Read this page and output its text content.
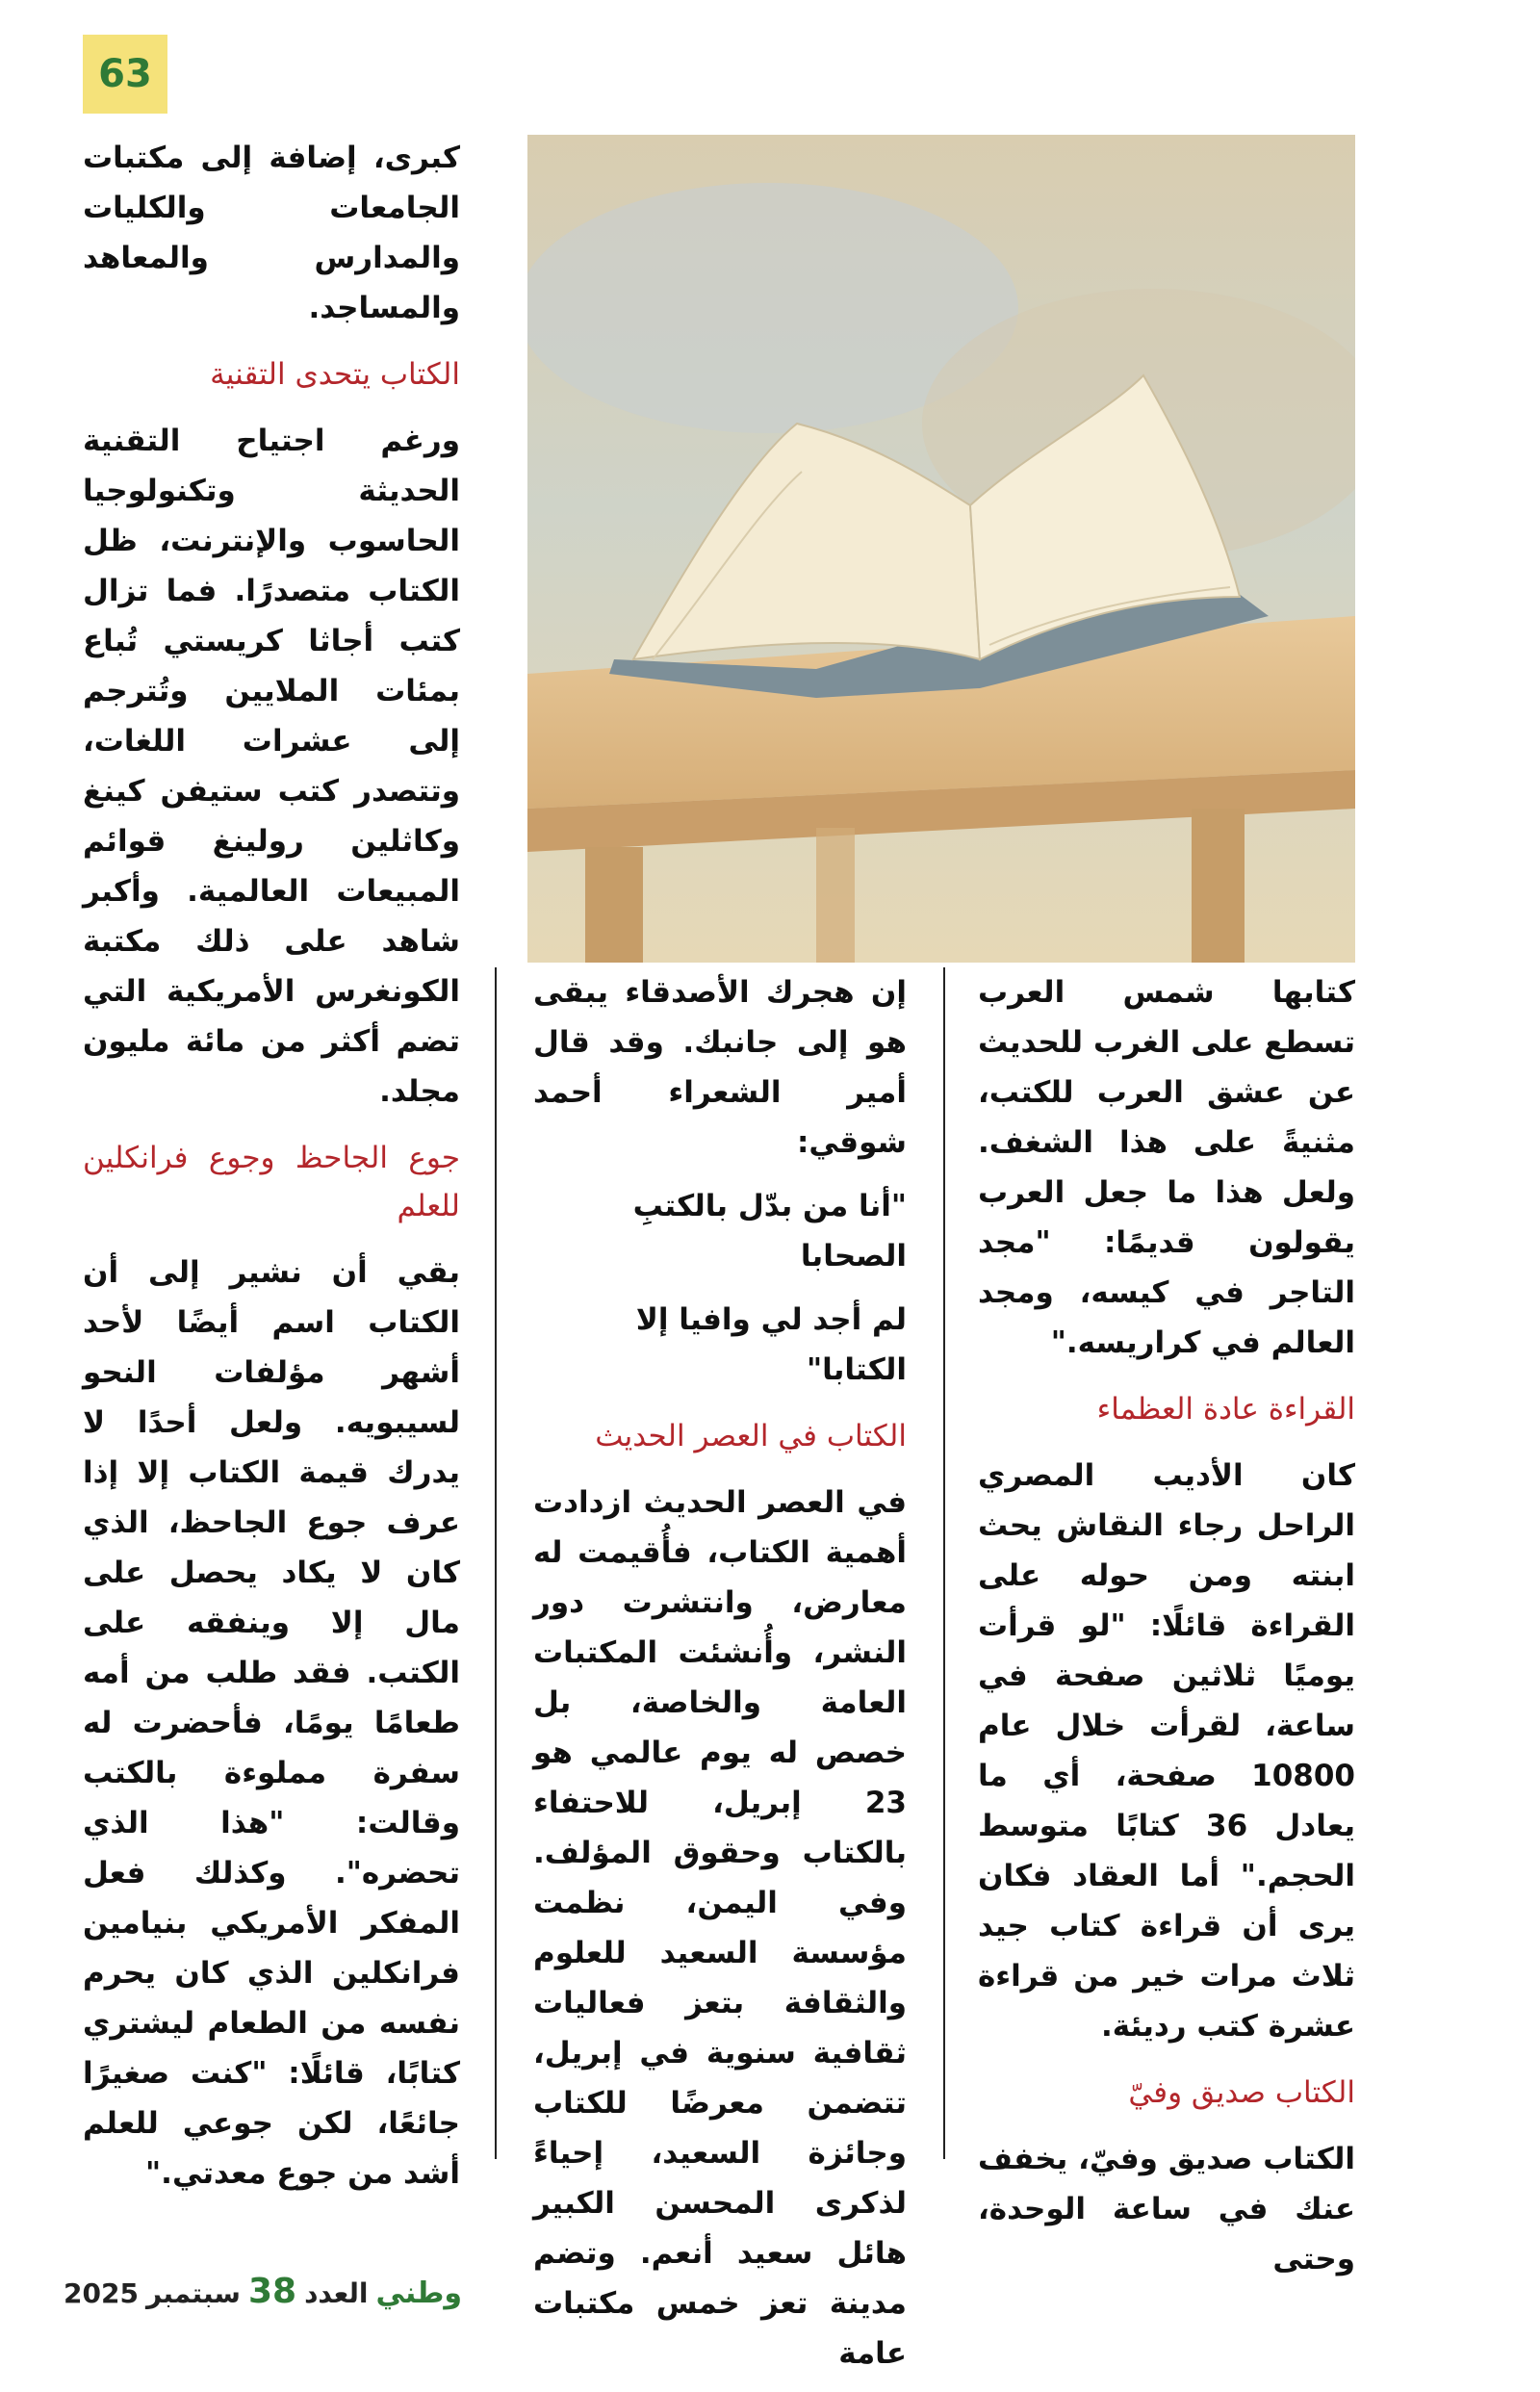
63

كبرى، إضافة إلى مكتبات الجامعات والكليات والمدارس والمعاهد والمساجد.

الكتاب يتحدى التقنية

ورغم اجتياح التقنية الحديثة وتكنولوجيا الحاسوب والإنترنت، ظل الكتاب متصدرًا. فما تزال كتب أجاثا كريستي تُباع بمئات الملايين وتُترجم إلى عشرات اللغات، وتتصدر كتب ستيفن كينغ وكاثلين رولينغ قوائم المبيعات العالمية. وأكبر شاهد على ذلك مكتبة الكونغرس الأمريكية التي تضم أكثر من مائة مليون مجلد.

جوع الجاحظ وجوع فرانكلين للعلم

بقي أن نشير إلى أن الكتاب اسم أيضًا لأحد أشهر مؤلفات النحو لسيبويه. ولعل أحدًا لا يدرك قيمة الكتاب إلا إذا عرف جوع الجاحظ، الذي كان لا يكاد يحصل على مال إلا وينفقه على الكتب. فقد طلب من أمه طعامًا يومًا، فأحضرت له سفرة مملوءة بالكتب وقالت: "هذا الذي تحضره". وكذلك فعل المفكر الأمريكي بنيامين فرانكلين الذي كان يحرم نفسه من الطعام ليشتري كتابًا، قائلًا: "كنت صغيرًا جائعًا، لكن جوعي للعلم أشد من جوع معدتي."

إن هجرك الأصدقاء يبقى هو إلى جانبك. وقد قال أمير الشعراء أحمد شوقي:

"أنا من بدّل بالكتبِ الصحابا

لم أجد لي وافيا إلا الكتابا"

الكتاب في العصر الحديث

في العصر الحديث ازدادت أهمية الكتاب، فأُقيمت له معارض، وانتشرت دور النشر، وأُنشئت المكتبات العامة والخاصة، بل خصص له يوم عالمي هو 23 إبريل، للاحتفاء بالكتاب وحقوق المؤلف. وفي اليمن، نظمت مؤسسة السعيد للعلوم والثقافة بتعز فعاليات ثقافية سنوية في إبريل، تتضمن معرضًا للكتاب وجائزة السعيد، إحياءً لذكرى المحسن الكبير هائل سعيد أنعم. وتضم مدينة تعز خمس مكتبات عامة

كتابها شمس العرب تسطع على الغرب للحديث عن عشق العرب للكتب، مثنيةً على هذا الشغف. ولعل هذا ما جعل العرب يقولون قديمًا: "مجد التاجر في كيسه، ومجد العالم في كراريسه."

القراءة عادة العظماء

كان الأديب المصري الراحل رجاء النقاش يحث ابنته ومن حوله على القراءة قائلًا: "لو قرأت يوميًا ثلاثين صفحة في ساعة، لقرأت خلال عام 10800 صفحة، أي ما يعادل 36 كتابًا متوسط الحجم." أما العقاد فكان يرى أن قراءة كتاب جيد ثلاث مرات خير من قراءة عشرة كتب رديئة.

الكتاب صديق وفيّ

الكتاب صديق وفيّ، يخفف عنك في ساعة الوحدة، وحتى

وطني
العدد
38
سبتمبر
2025
